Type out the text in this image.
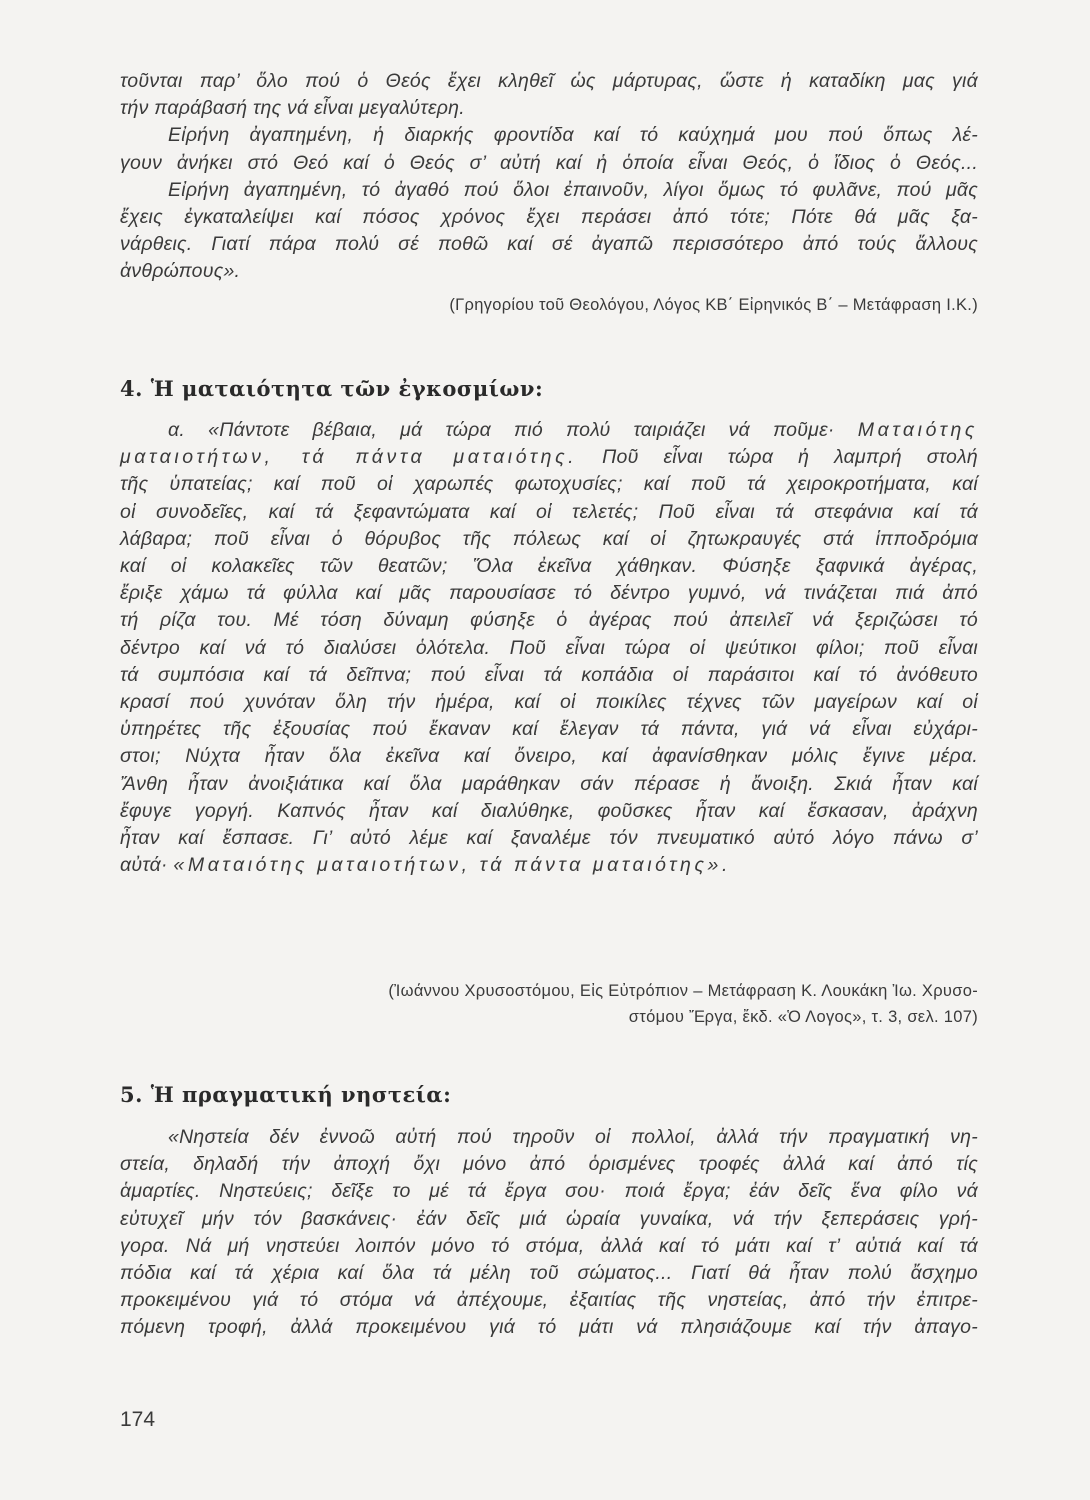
τοῦνται παρ’ ὅλο πού ὁ Θεός ἔχει κληθεῖ ὡς μάρτυρας, ὥστε ἡ καταδίκη μας γιά
τήν παράβασή της νά εἶναι μεγαλύτερη.
Εἰρήνη ἀγαπημένη, ἡ διαρκής φροντίδα καί τό καύχημά μου πού ὅπως λέ-
γουν ἀνήκει στό Θεό καί ὁ Θεός σ’ αὐτή καί ἡ ὁποία εἶναι Θεός, ὁ ἴδιος ὁ Θεός...
Εἰρήνη ἀγαπημένη, τό ἀγαθό πού ὅλοι ἐπαινοῦν, λίγοι ὅμως τό φυλᾶνε, πού μᾶς
ἔχεις ἐγκαταλείψει καί πόσος χρόνος ἔχει περάσει ἀπό τότε; Πότε θά μᾶς ξα-
νάρθεις. Γιατί πάρα πολύ σέ ποθῶ καί σέ ἀγαπῶ περισσότερο ἀπό τούς ἄλλους
ἀνθρώπους».
(Γρηγορίου τοῦ Θεολόγου, Λόγος ΚΒ΄ Εἰρηνικός Β΄ – Μετάφραση Ι.Κ.)
4. Ἡ ματαιότητα τῶν ἐγκοσμίων:
α. «Πάντοτε βέβαια, μά τώρα πιό πολύ ταιριάζει νά ποῦμε· Ματαιότης
ματαιοτήτων, τά πάντα ματαιότης. Ποῦ εἶναι τώρα ἡ λαμπρή στολή
τῆς ὑπατείας; καί ποῦ οἱ χαρωπές φωτοχυσίες; καί ποῦ τά χειροκροτήματα, καί
οἱ συνοδεῖες, καί τά ξεφαντώματα καί οἱ τελετές; Ποῦ εἶναι τά στεφάνια καί τά
λάβαρα; ποῦ εἶναι ὁ θόρυβος τῆς πόλεως καί οἱ ζητωκραυγές στά ἱπποδρόμια
καί οἱ κολακεῖες τῶν θεατῶν; Ὅλα ἐκεῖνα χάθηκαν. Φύσηξε ξαφνικά ἀγέρας,
ἔριξε χάμω τά φύλλα καί μᾶς παρουσίασε τό δέντρο γυμνό, νά τινάζεται πιά ἀπό
τή ρίζα του. Μέ τόση δύναμη φύσηξε ὁ ἀγέρας πού ἀπειλεῖ νά ξεριζώσει τό
δέντρο καί νά τό διαλύσει ὁλότελα. Ποῦ εἶναι τώρα οἱ ψεύτικοι φίλοι; ποῦ εἶναι
τά συμπόσια καί τά δεῖπνα; πού εἶναι τά κοπάδια οἱ παράσιτοι καί τό ἀνόθευτο
κρασί πού χυνόταν ὅλη τήν ἡμέρα, καί οἱ ποικίλες τέχνες τῶν μαγείρων καί οἱ
ὑπηρέτες τῆς ἐξουσίας πού ἔκαναν καί ἔλεγαν τά πάντα, γιά νά εἶναι εὐχάρι-
στοι; Νύχτα ἦταν ὅλα ἐκεῖνα καί ὄνειρο, καί ἀφανίσθηκαν μόλις ἔγινε μέρα.
Ἄνθη ἦταν ἀνοιξιάτικα καί ὅλα μαράθηκαν σάν πέρασε ἡ ἄνοιξη. Σκιά ἦταν καί
ἔφυγε γοργή. Καπνός ἦταν καί διαλύθηκε, φοῦσκες ἦταν καί ἔσκασαν, ἀράχνη
ἦταν καί ἔσπασε. Γι’ αὐτό λέμε καί ξαναλέμε τόν πνευματικό αὐτό λόγο πάνω σ’
αὐτά· «Ματαιότης ματαιοτήτων, τά πάντα ματαιότης».
(Ἰωάννου Χρυσοστόμου, Εἰς Εὐτρόπιον – Μετάφραση Κ. Λουκάκη Ἰω. Χρυσο-
στόμου Ἔργα, ἔκδ. «Ὁ Λογος», τ. 3, σελ. 107)
5. Ἡ πραγματική νηστεία:
«Νηστεία δέν ἐννοῶ αὐτή πού τηροῦν οἱ πολλοί, ἀλλά τήν πραγματική νη-
στεία, δηλαδή τήν ἀποχή ὄχι μόνο ἀπό ὁρισμένες τροφές ἀλλά καί ἀπό τίς
ἁμαρτίες. Νηστεύεις; δεῖξε το μέ τά ἔργα σου· ποιά ἔργα; ἐάν δεῖς ἕνα φίλο νά
εὐτυχεῖ μήν τόν βασκάνεις· ἐάν δεῖς μιά ὡραία γυναίκα, νά τήν ξεπεράσεις γρή-
γορα. Νά μή νηστεύει λοιπόν μόνο τό στόμα, ἀλλά καί τό μάτι καί τ’ αὐτιά καί τά
πόδια καί τά χέρια καί ὅλα τά μέλη τοῦ σώματος... Γιατί θά ἦταν πολύ ἄσχημο
προκειμένου γιά τό στόμα νά ἀπέχουμε, ἐξαιτίας τῆς νηστείας, ἀπό τήν ἐπιτρε-
πόμενη τροφή, ἀλλά προκειμένου γιά τό μάτι νά πλησιάζουμε καί τήν ἀπαγο-
174
